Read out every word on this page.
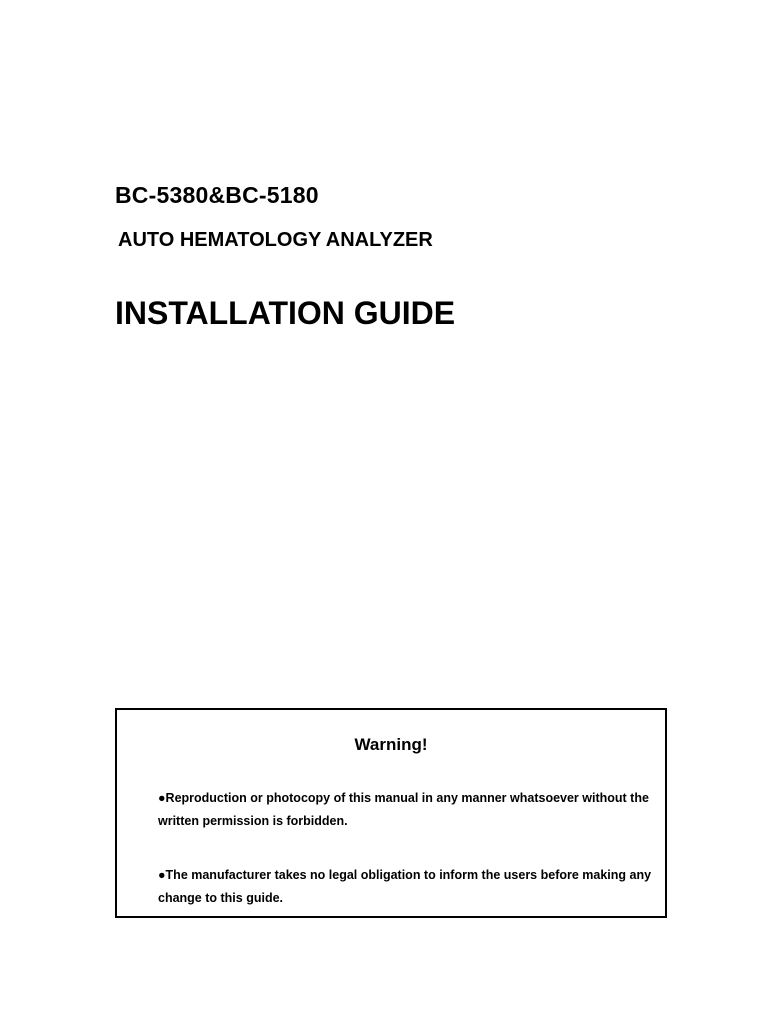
BC-5380&BC-5180
AUTO HEMATOLOGY ANALYZER
INSTALLATION GUIDE
Warning!
●Reproduction or photocopy of this manual in any manner whatsoever without the
written permission is forbidden.
●The manufacturer takes no legal obligation to inform the users before making any
change to this guide.
